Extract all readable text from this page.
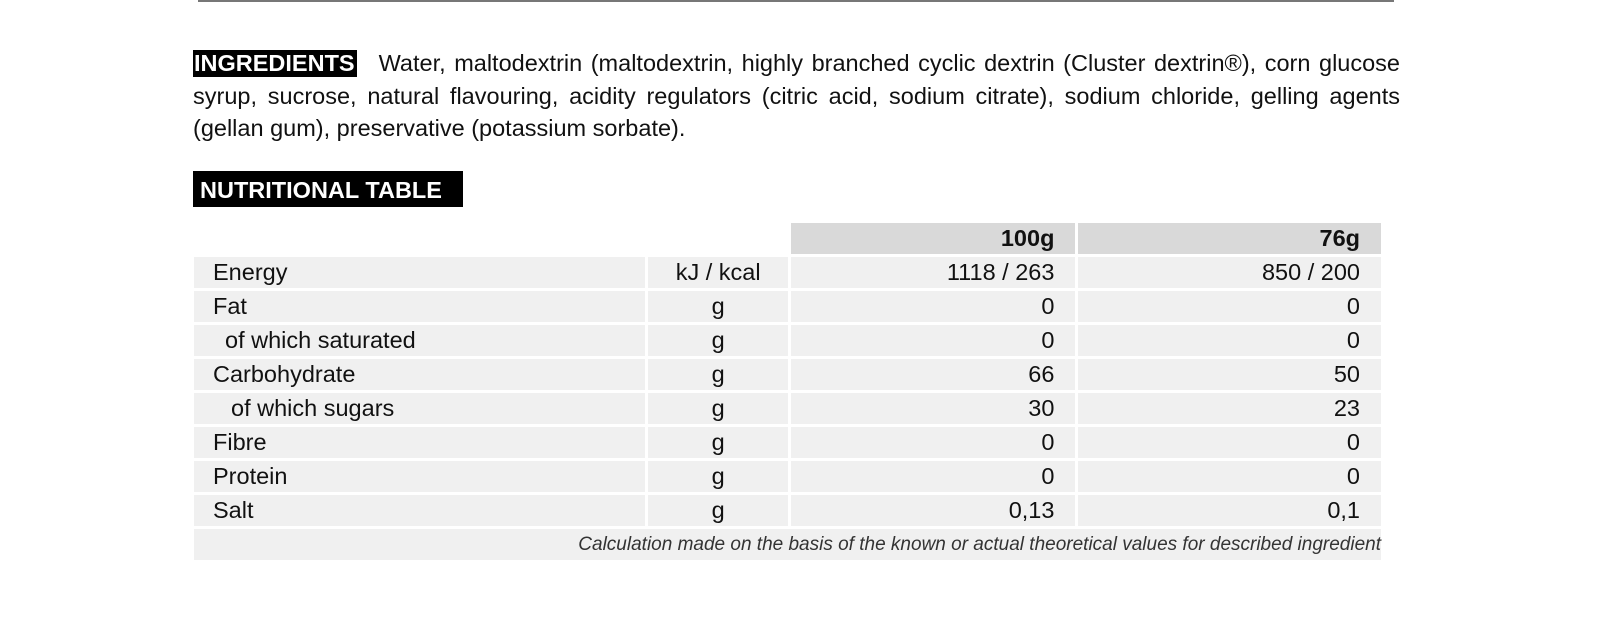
INGREDIENTS Water, maltodextrin (maltodextrin, highly branched cyclic dextrin (Cluster dextrin®), corn glucose syrup, sucrose, natural flavouring, acidity regulators (citric acid, sodium citrate), sodium chloride, gelling agents (gellan gum), preservative (potassium sorbate).
NUTRITIONAL TABLE
		100g	76g
Energy	kJ / kcal	1118 / 263	850 / 200
Fat	g	0	0
of which saturated	g	0	0
Carbohydrate	g	66	50
of which sugars	g	30	23
Fibre	g	0	0
Protein	g	0	0
Salt	g	0,13	0,1
Calculation made on the basis of the known or actual theoretical values for described ingredient			
